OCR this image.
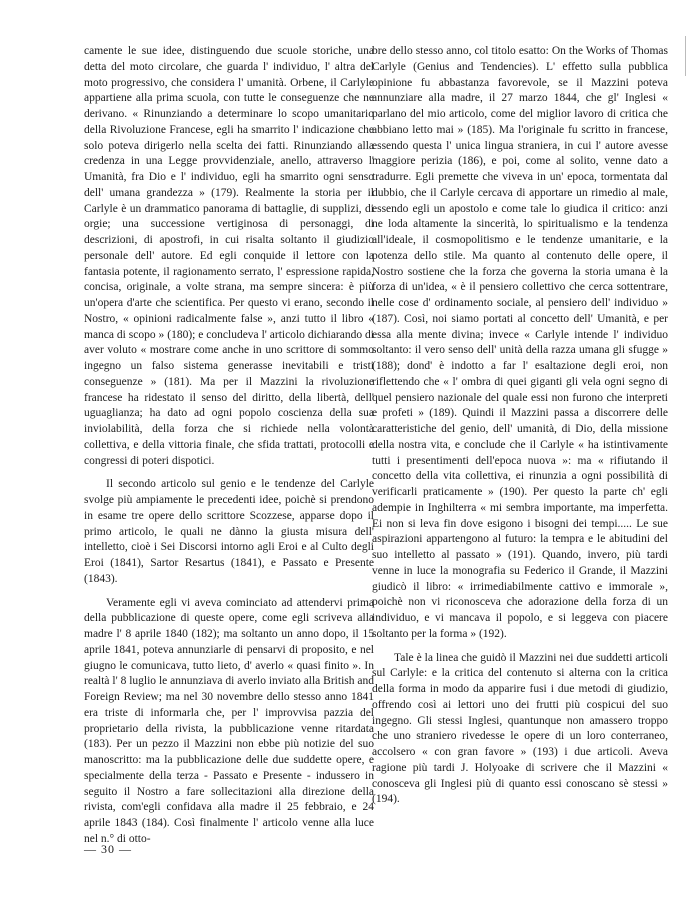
camente le sue idee, distinguendo due scuole storiche, una detta del moto circolare, che guarda l' individuo, l' altra del moto progressivo, che considera l' umanità. Orbene, il Carlyle appartiene alla prima scuola, con tutte le conseguenze che ne derivano. « Rinunziando a determinare lo scopo umanitario della Rivoluzione Francese, egli ha smarrito l' indicazione che solo poteva dirigerlo nella scelta dei fatti. Rinunziando alla credenza in una Legge provvidenziale, anello, attraverso l' Umanità, fra Dio e l' individuo, egli ha smarrito ogni senso dell' umana grandezza » (179). Realmente la storia per il Carlyle è un drammatico panorama di battaglie, di supplizi, di orgie; una successione vertiginosa di personaggi, di descrizioni, di apostrofi, in cui risalta soltanto il giudizio personale dell' autore. Ed egli conquide il lettore con la fantasia potente, il ragionamento serrato, l' espressione rapida, concisa, originale, a volte strana, ma sempre sincera: è più un'opera d'arte che scientifica. Per questo vi erano, secondo il Nostro, « opinioni radicalmente false », anzi tutto il libro « manca di scopo » (180); e concludeva l' articolo dichiarando di aver voluto « mostrare come anche in uno scrittore di sommo ingegno un falso sistema generasse inevitabili e tristi conseguenze » (181). Ma per il Mazzini la rivoluzione francese ha ridestato il senso del diritto, della libertà, dell' uguaglianza; ha dato ad ogni popolo coscienza della sua inviolabilità, della forza che si richiede nella volontà collettiva, e della vittoria finale, che sfida trattati, protocolli e congressi di poteri dispotici.

Il secondo articolo sul genio e le tendenze del Carlyle svolge più ampiamente le precedenti idee, poichè si prendono in esame tre opere dello scrittore Scozzese, apparse dopo il primo articolo, le quali ne dànno la giusta misura dell' intelletto, cioè i Sei Discorsi intorno agli Eroi e al Culto degli Eroi (1841), Sartor Resartus (1841), e Passato e Presente (1843).

Veramente egli vi aveva cominciato ad attendervi prima della pubblicazione di queste opere, come egli scriveva alla madre l' 8 aprile 1840 (182); ma soltanto un anno dopo, il 15 aprile 1841, poteva annunziarle di pensarvi di proposito, e nel giugno le comunicava, tutto lieto, d' averlo « quasi finito ». In realtà l' 8 luglio le annunziava di averlo inviato alla British and Foreign Review; ma nel 30 novembre dello stesso anno 1841 era triste di informarla che, per l' improvvisa pazzia del proprietario della rivista, la pubblicazione venne ritardata (183). Per un pezzo il Mazzini non ebbe più notizie del suo manoscritto: ma la pubblicazione delle due suddette opere, e specialmente della terza - Passato e Presente - indussero in seguito il Nostro a fare sollecitazioni alla direzione della rivista, com'egli confidava alla madre il 25 febbraio, e 24 aprile 1843 (184). Così finalmente l' articolo venne alla luce nel n.° di otto-

bre dello stesso anno, col titolo esatto: On the Works of Thomas Carlyle (Genius and Tendencies). L' effetto sulla pubblica opinione fu abbastanza favorevole, se il Mazzini poteva annunziare alla madre, il 27 marzo 1844, che gl' Inglesi « parlano del mio articolo, come del miglior lavoro di critica che abbiano letto mai » (185). Ma l'originale fu scritto in francese, essendo questa l' unica lingua straniera, in cui l' autore avesse maggiore perizia (186), e poi, come al solito, venne dato a tradurre. Egli premette che viveva in un' epoca, tormentata dal dubbio, che il Carlyle cercava di apportare un rimedio al male, essendo egli un apostolo e come tale lo giudica il critico: anzi ne loda altamente la sincerità, lo spiritualismo e la tendenza all'ideale, il cosmopolitismo e le tendenze umanitarie, e la potenza dello stile. Ma quanto al contenuto delle opere, il Nostro sostiene che la forza che governa la storia umana è la forza di un'idea, « è il pensiero collettivo che cerca sottentrare, nelle cose d' ordinamento sociale, al pensiero dell' individuo » (187). Così, noi siamo portati al concetto dell' Umanità, e per essa alla mente divina; invece « Carlyle intende l' individuo soltanto: il vero senso dell' unità della razza umana gli sfugge » (188); dond' è indotto a far l' esaltazione degli eroi, non riflettendo che « l' ombra di quei giganti gli vela ogni segno di quel pensiero nazionale del quale essi non furono che interpreti e profeti » (189). Quindi il Mazzini passa a discorrere delle caratteristiche del genio, dell' umanità, di Dio, della missione della nostra vita, e conclude che il Carlyle « ha istintivamente tutti i presentimenti dell'epoca nuova »: ma « rifiutando il concetto della vita collettiva, ei rinunzia a ogni possibilità di verificarli praticamente » (190). Per questo la parte ch' egli adempie in Inghilterra « mi sembra importante, ma imperfetta. Ei non si leva fin dove esigono i bisogni dei tempi..... Le sue aspirazioni appartengono al futuro: la tempra e le abitudini del suo intelletto al passato » (191). Quando, invero, più tardi venne in luce la monografia su Federico il Grande, il Mazzini giudicò il libro: « irrimediabilmente cattivo e immorale », poichè non vi riconosceva che adorazione della forza di un individuo, e vi mancava il popolo, e si leggeva con piacere soltanto per la forma » (192).

Tale è la linea che guidò il Mazzini nei due suddetti articoli sul Carlyle: e la critica del contenuto si alterna con la critica della forma in modo da apparire fusi i due metodi di giudizio, offrendo così ai lettori uno dei frutti più cospicui del suo ingegno. Gli stessi Inglesi, quantunque non amassero troppo che uno straniero rivedesse le opere di un loro conterraneo, accolsero « con gran favore » (193) i due articoli. Aveva ragione più tardi J. Holyoake di scrivere che il Mazzini « conosceva gli Inglesi più di quanto essi conoscano sè stessi » (194).

— 30 —
